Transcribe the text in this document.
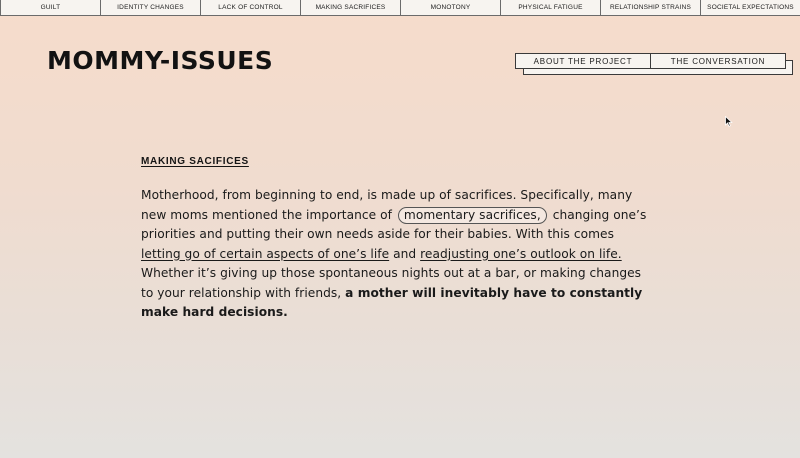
GUILT	IDENTITY CHANGES	LACK OF CONTROL	MAKING SACRIFICES	MONOTONY	PHYSICAL FATIGUE	RELATIONSHIP STRAINS	SOCIETAL EXPECTATIONS
MOMMY-ISSUES	ABOUT THE PROJECT	THE CONVERSATION
MAKING SACIFICES

Motherhood, from beginning to end, is made up of sacrifices. Specifically, many new moms mentioned the importance of momentary sacrifices, changing one’s priorities and putting their own needs aside for their babies. With this comes letting go of certain aspects of one’s life and readjusting one’s outlook on life. Whether it’s giving up those spontaneous nights out at a bar, or making changes to your relationship with friends, a mother will inevitably have to constantly make hard decisions.
